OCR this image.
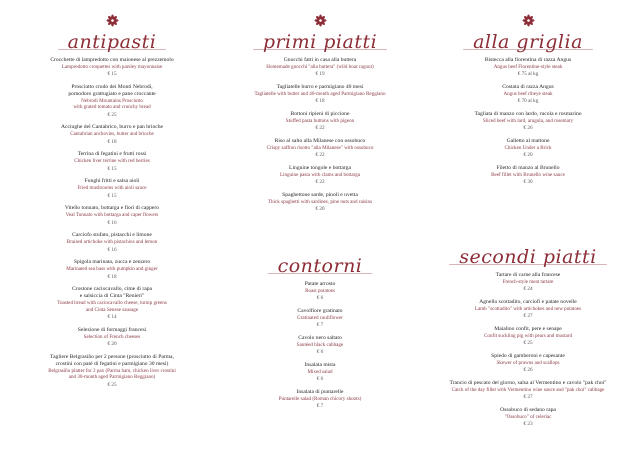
antipasti
Crocchette di lampredotto con maionese al prezzemolo
Lampredotto croquettes with parsley mayonnaise
€ 15
Prosciutto crudo dei Monti Nebrodi,
pomodoro grattugiato e pane croccante
Nebrodi Mountains Prosciutto
with grated tomato and crunchy bread
€ 25
Acciughe del Cantabrico, burro e pan brioche
Cantabrian anchovies, butter and brioche
€ 18
Terrina di fegatini e frutti rossi
Chicken liver terrine with red berries
€ 15
Funghi fritti e salsa aioli
Fried mushrooms with aioli sauce
€ 15
Vitello tonnato, bottarga e fiori di cappero
Veal Tonnato with bottarga and caper flowers
€ 16
Carciofo stufato, pistacchi e limone
Braised artichoke with pistachios and lemon
€ 16
Spigola marinata, zucca e zenzero
Marinated sea bass with pumpkin and ginger
€ 18
Crostone caciocavallo, cime di rapa
e salsiccia di Cinta "Renieri"
Toasted bread with caciocavallo cheese, turnip greens
and Cinta Senese sausage
€ 14
Selezione di formaggi francesi
Selection of French cheeses
€ 20
Tagliere Belgrasiño per 2 persone (prosciutto di Parma,
crostini con paté di fegatini e parmigiano 30 mesi)
Belgrasiño platter for 2 pax (Parma ham, chicken liver crostini
and 30-month aged Parmigiano Reggiano)
€ 25
primi piatti
Gnocchi fatti in casa alla buttera
Homemade gnocchi "alla buttera" (wild boar ragout)
€ 19
Tagliatelle burro e parmigiano 40 mesi
Tagliatelle with butter and 40-month aged Parmigiano Reggiano
€ 18
Bottoni ripieni di piccione
Stuffed pasta buttons with pigeon
€ 22
Riso al salto alla Milanese con ossobuco
Crispy saffron risotto "alla Milanese" with ossobuco
€ 22
Linguine tongole e bottarga
Linguine pasta with clams and bottarga
€ 22
Spaghettone sarde, pinoli e uvetta
Thick spaghetti with sardines, pine nuts and raisins
€ 20
contorni
Patate arrosto
Roast potatoes
€ 6
Cavolfiore gratinato
Gratinated cauliflower
€ 7
Cavolo nero saltato
Sautéed black cabbage
€ 6
Insalata mista
Mixed salad
€ 6
Insalata di puntarelle
Puntarelle salad (Roman chicory shoots)
€ 7
alla griglia
Bistecca alla fiorentina di razza Angus
Angus beef Florentine-style steak
€ 75 al kg
Costata di razza Angus
Angus beef ribeye steak
€ 70 al kg
Tagliata di manzo con lardo, rucola e rosmarino
Sliced beef with lard, arugula, and rosemary
€ 26
Galletto al mattone
Chicken Under a Brick
€ 20
Filetto di manzo al Brunello
Beef fillet with Brunello wine sauce
€ 30
secondi piatti
Tartare di carne alla francese
French-style meat tartare
€ 24
Agnello scottadito, carciofi e patate novelle
Lamb "scottadito" with artichokes and new potatoes
€ 27
Maialino confit, pere e senape
Confit suckling pig with pears and mustard
€ 25
Spiedo di gamberoni e capesante
Skewer of prawns and scallops
€ 26
Trancio di pescato del giorno, salsa al Vermentino e cavolo "pak choi"
Catch of the day fillet with Vermentino wine sauce and "pak choi" cabbage
€ 27
Ossobuco di sedano rapa
"Ossobuco" of celeriac
€ 23
